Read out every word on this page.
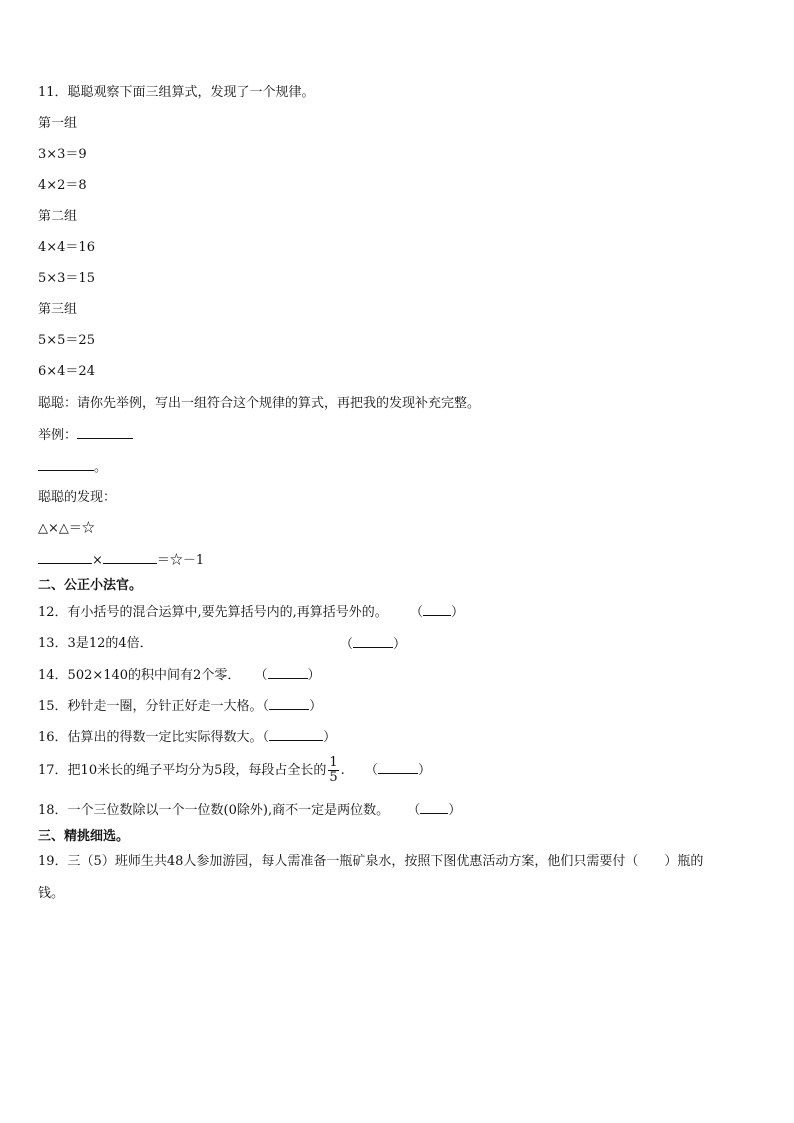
11．聪聪观察下面三组算式，发现了一个规律。
第一组
3×3＝9
4×2＝8
第二组
4×4＝16
5×3＝15
第三组
5×5＝25
6×4＝24
聪聪：请你先举例，写出一组符合这个规律的算式，再把我的发现补充完整。
举例：
。
聪聪的发现：
△×△＝☆
×	＝☆－1
二、公正小法官。
12．有小括号的混合运算中,要先算括号内的,再算括号外的。 （ ）
13．3是12的4倍．	（	）
14．502×140的积中间有2个零． （	）
15．秒针走一圈，分针正好走一大格。（	）
16．估算出的得数一定比实际得数大。（	）
17．把10米长的绳子平均分为5段，每段占全长的 $\frac{1}{5}$ . （	）
18．一个三位数除以一个一位数(0除外),商不一定是两位数。 （ ）
三、精挑细选。
19．三（5）班师生共48人参加游园，每人需准备一瓶矿泉水，按照下图优惠活动方案，他们只需要付（　　）瓶的
钱。
